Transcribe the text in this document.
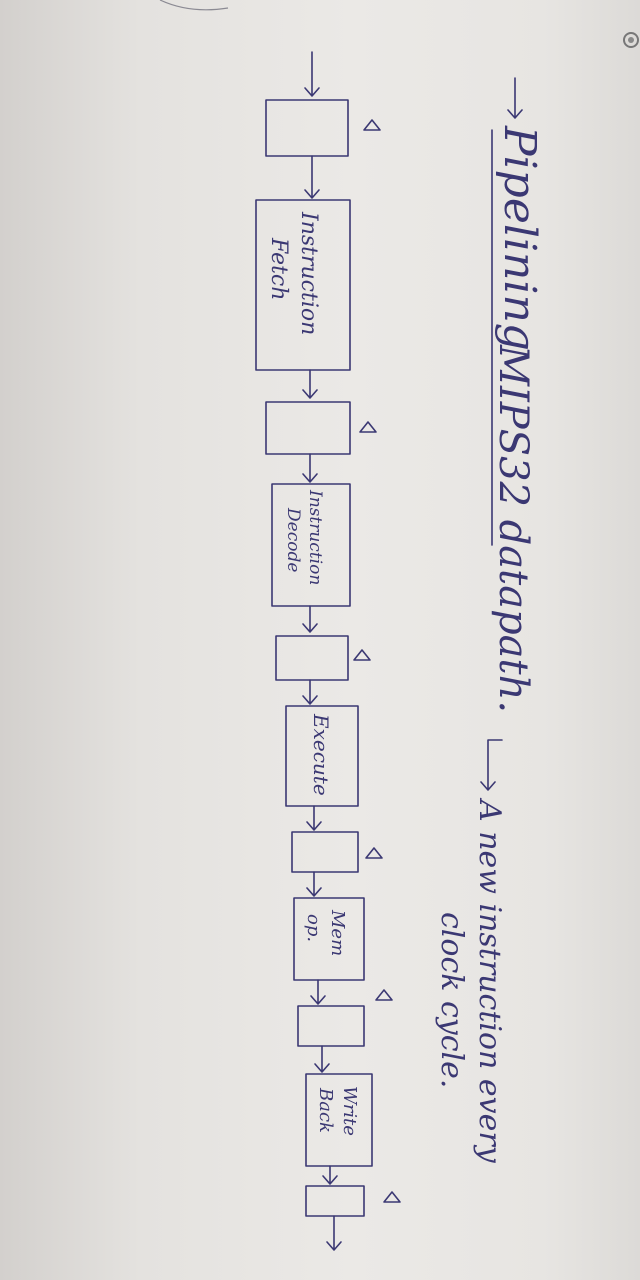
Pipelining
MIPS32 datapath.
A new instruction every
clock cycle.
Instruction
Fetch
Instruction
Decode
Execute
Mem
op.
Write
Back
